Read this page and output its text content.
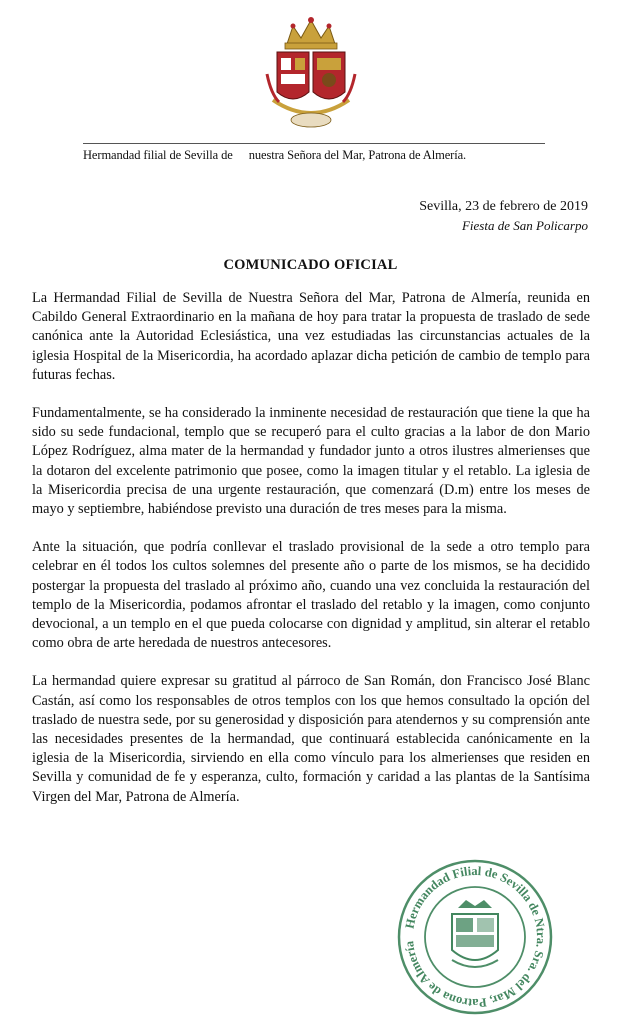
Hermandad filial de Sevilla de nuestra Señora del Mar, Patrona de Almería.
Sevilla, 23 de febrero de 2019
Fiesta de San Policarpo
COMUNICADO OFICIAL

La Hermandad Filial de Sevilla de Nuestra Señora del Mar, Patrona de Almería, reunida en Cabildo General Extraordinario en la mañana de hoy para tratar la propuesta de traslado de sede canónica ante la Autoridad Eclesiástica, una vez estudiadas las circunstancias actuales de la iglesia Hospital de la Misericordia, ha acordado aplazar dicha petición de cambio de templo para futuras fechas.

Fundamentalmente, se ha considerado la inminente necesidad de restauración que tiene la que ha sido su sede fundacional, templo que se recuperó para el culto gracias a la labor de don Mario López Rodríguez, alma mater de la hermandad y fundador junto a otros ilustres almerienses que la dotaron del excelente patrimonio que posee, como la imagen titular y el retablo. La iglesia de la Misericordia precisa de una urgente restauración, que comenzará (D.m) entre los meses de mayo y septiembre, habiéndose previsto una duración de tres meses para la misma.

Ante la situación, que podría conllevar el traslado provisional de la sede a otro templo para celebrar en él todos los cultos solemnes del presente año o parte de los mismos, se ha decidido postergar la propuesta del traslado al próximo año, cuando una vez concluida la restauración del templo de la Misericordia, podamos afrontar el traslado del retablo y la imagen, como conjunto devocional, a un templo en el que pueda colocarse con dignidad y amplitud, sin alterar el retablo como obra de arte heredada de nuestros antecesores.

La hermandad quiere expresar su gratitud al párroco de San Román, don Francisco José Blanc Castán, así como los responsables de otros templos con los que hemos consultado la opción del traslado de nuestra sede, por su generosidad y disposición para atendernos y su comprensión ante las necesidades presentes de la hermandad, que continuará establecida canónicamente en la iglesia de la Misericordia, sirviendo en ella como vínculo para los almerienses que residen en Sevilla y comunidad de fe y esperanza, culto, formación y caridad a las plantas de la Santísima Virgen del Mar, Patrona de Almería.

Hermandad Filial de Sevilla de Ntra. Sra. del Mar, Patrona de Almería
